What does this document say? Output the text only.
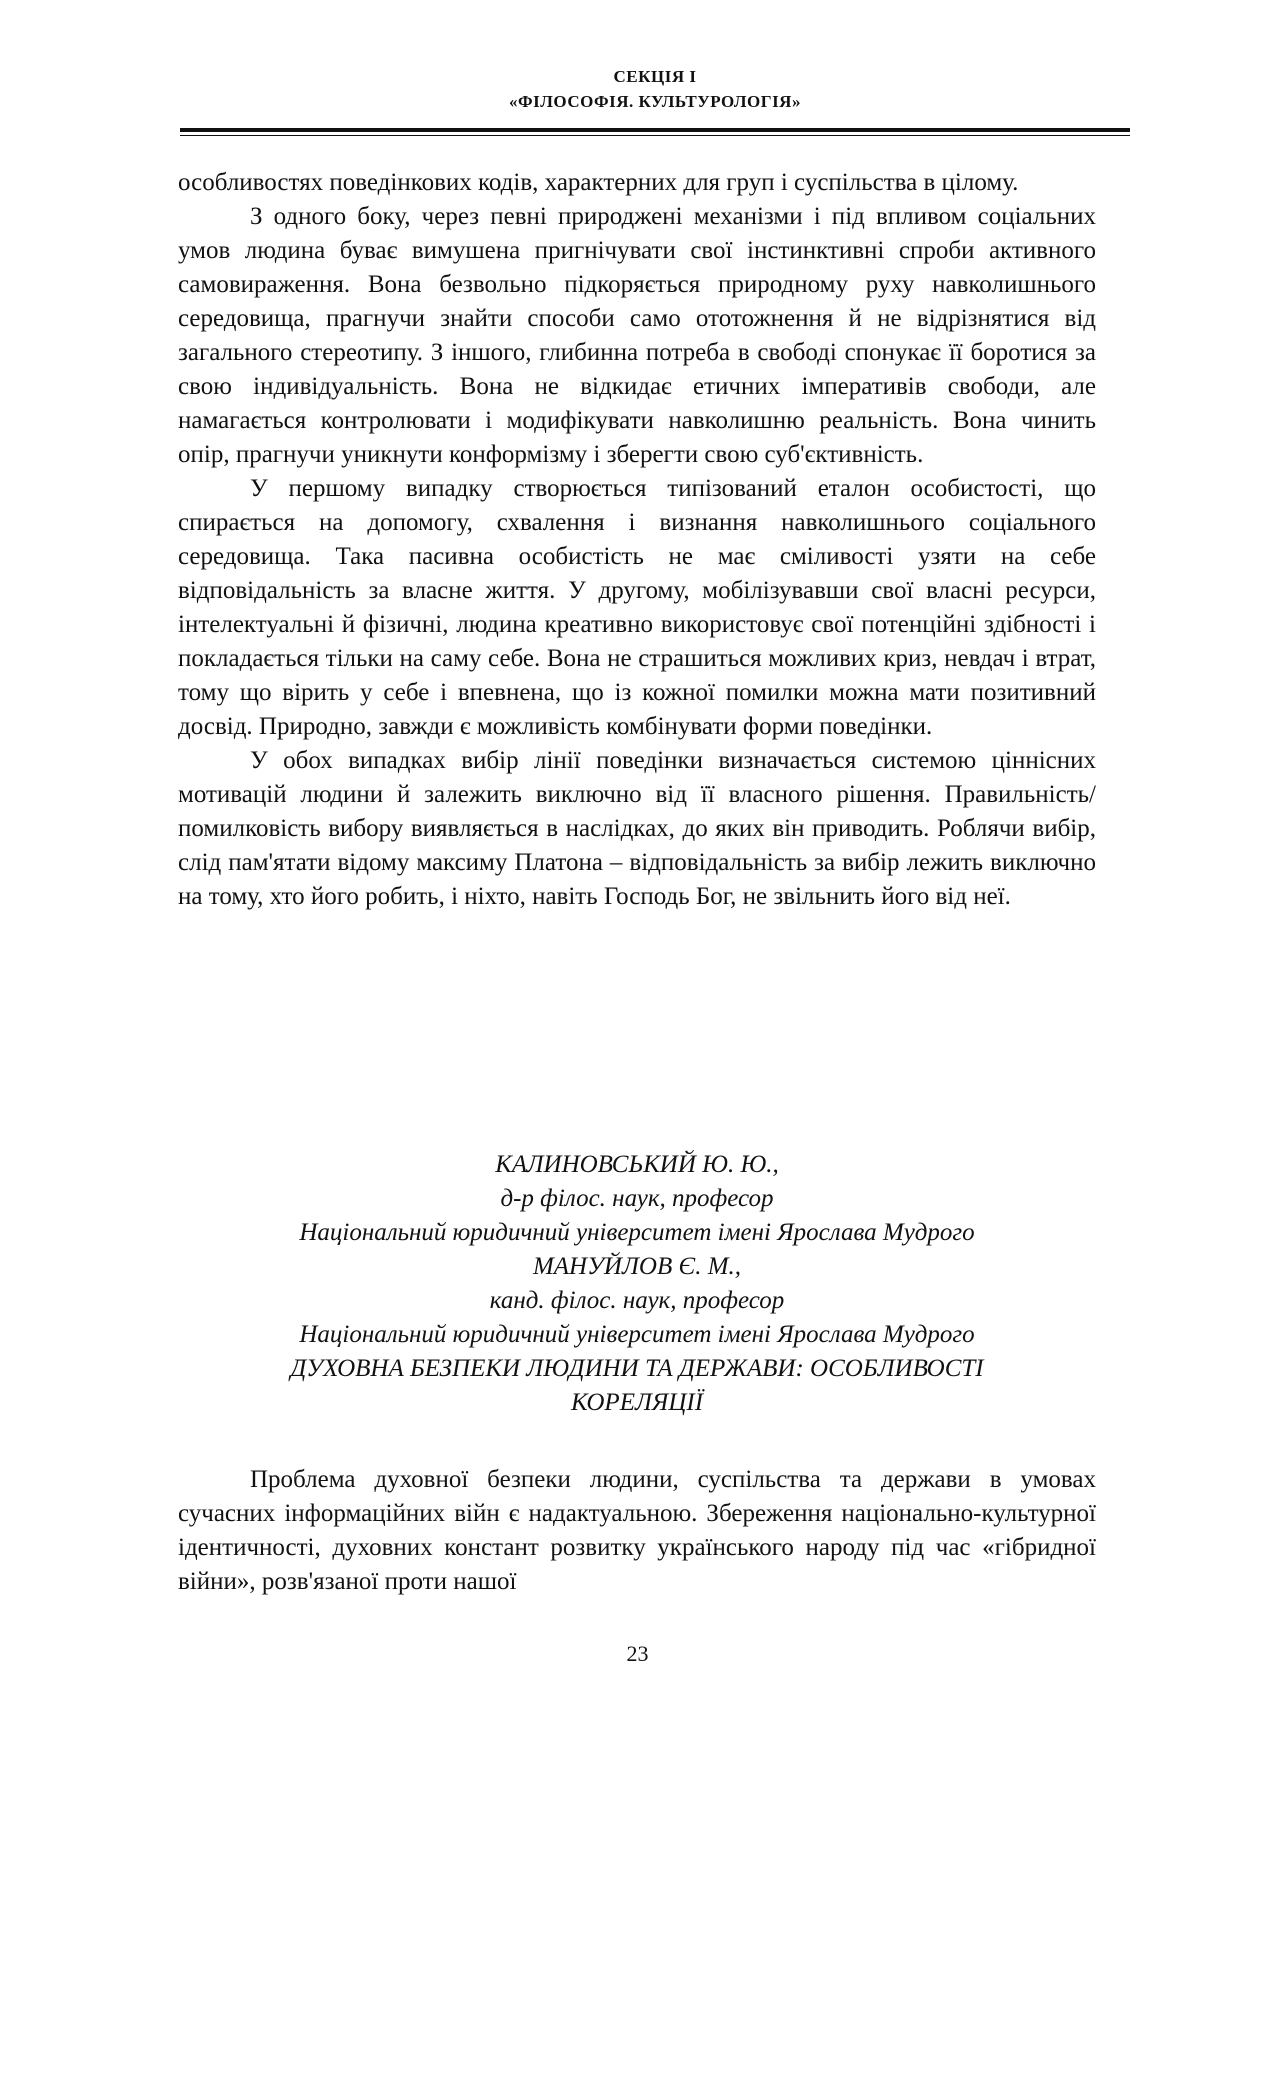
СЕКЦІЯ І
«ФІЛОСОФІЯ. КУЛЬТУРОЛОГІЯ»

особливостях поведінкових кодів, характерних для груп і суспільства в цілому.

З одного боку, через певні природжені механізми і під впливом соціальних умов людина буває вимушена пригнічувати свої інстинктивні спроби активного самовираження. Вона безвольно підкоряється природному руху навколишнього середовища, прагнучи знайти способи само ототожнення й не відрізнятися від загального стереотипу. З іншого, глибинна потреба в свободі спонукає її боротися за свою індивідуальність. Вона не відкидає етичних імперативів свободи, але намагається контролювати і модифікувати навколишню реальність. Вона чинить опір, прагнучи уникнути конформізму і зберегти свою суб'єктивність.

У першому випадку створюється типізований еталон особистості, що спирається на допомогу, схвалення і визнання навколишнього соціального середовища. Така пасивна особистість не має сміливості узяти на себе відповідальність за власне життя. У другому, мобілізувавши свої власні ресурси, інтелектуальні й фізичні, людина креативно використовує свої потенційні здібності і покладається тільки на саму себе. Вона не страшиться можливих криз, невдач і втрат, тому що вірить у себе і впевнена, що із кожної помилки можна мати позитивний досвід. Природно, завжди є можливість комбінувати форми поведінки.

У обох випадках вибір лінії поведінки визначається системою ціннісних мотивацій людини й залежить виключно від її власного рішення. Правильність/помилковість вибору виявляється в наслідках, до яких він приводить. Роблячи вибір, слід пам'ятати відому максиму Платона – відповідальність за вибір лежить виключно на тому, хто його робить, і ніхто, навіть Господь Бог, не звільнить його від неї.

КАЛИНОВСЬКИЙ Ю. Ю.,
д-р філос. наук, професор
Національний юридичний університет імені Ярослава Мудрого
МАНУЙЛОВ Є. М.,
канд. філос. наук, професор
Національний юридичний університет імені Ярослава Мудрого
ДУХОВНА БЕЗПЕКИ ЛЮДИНИ ТА ДЕРЖАВИ: ОСОБЛИВОСТІ
КОРЕЛЯЦІЇ

Проблема духовної безпеки людини, суспільства та держави в умовах сучасних інформаційних війн є надактуальною. Збереження національно-культурної ідентичності, духовних констант розвитку українського народу під час «гібридної війни», розв'язаної проти нашої

23
